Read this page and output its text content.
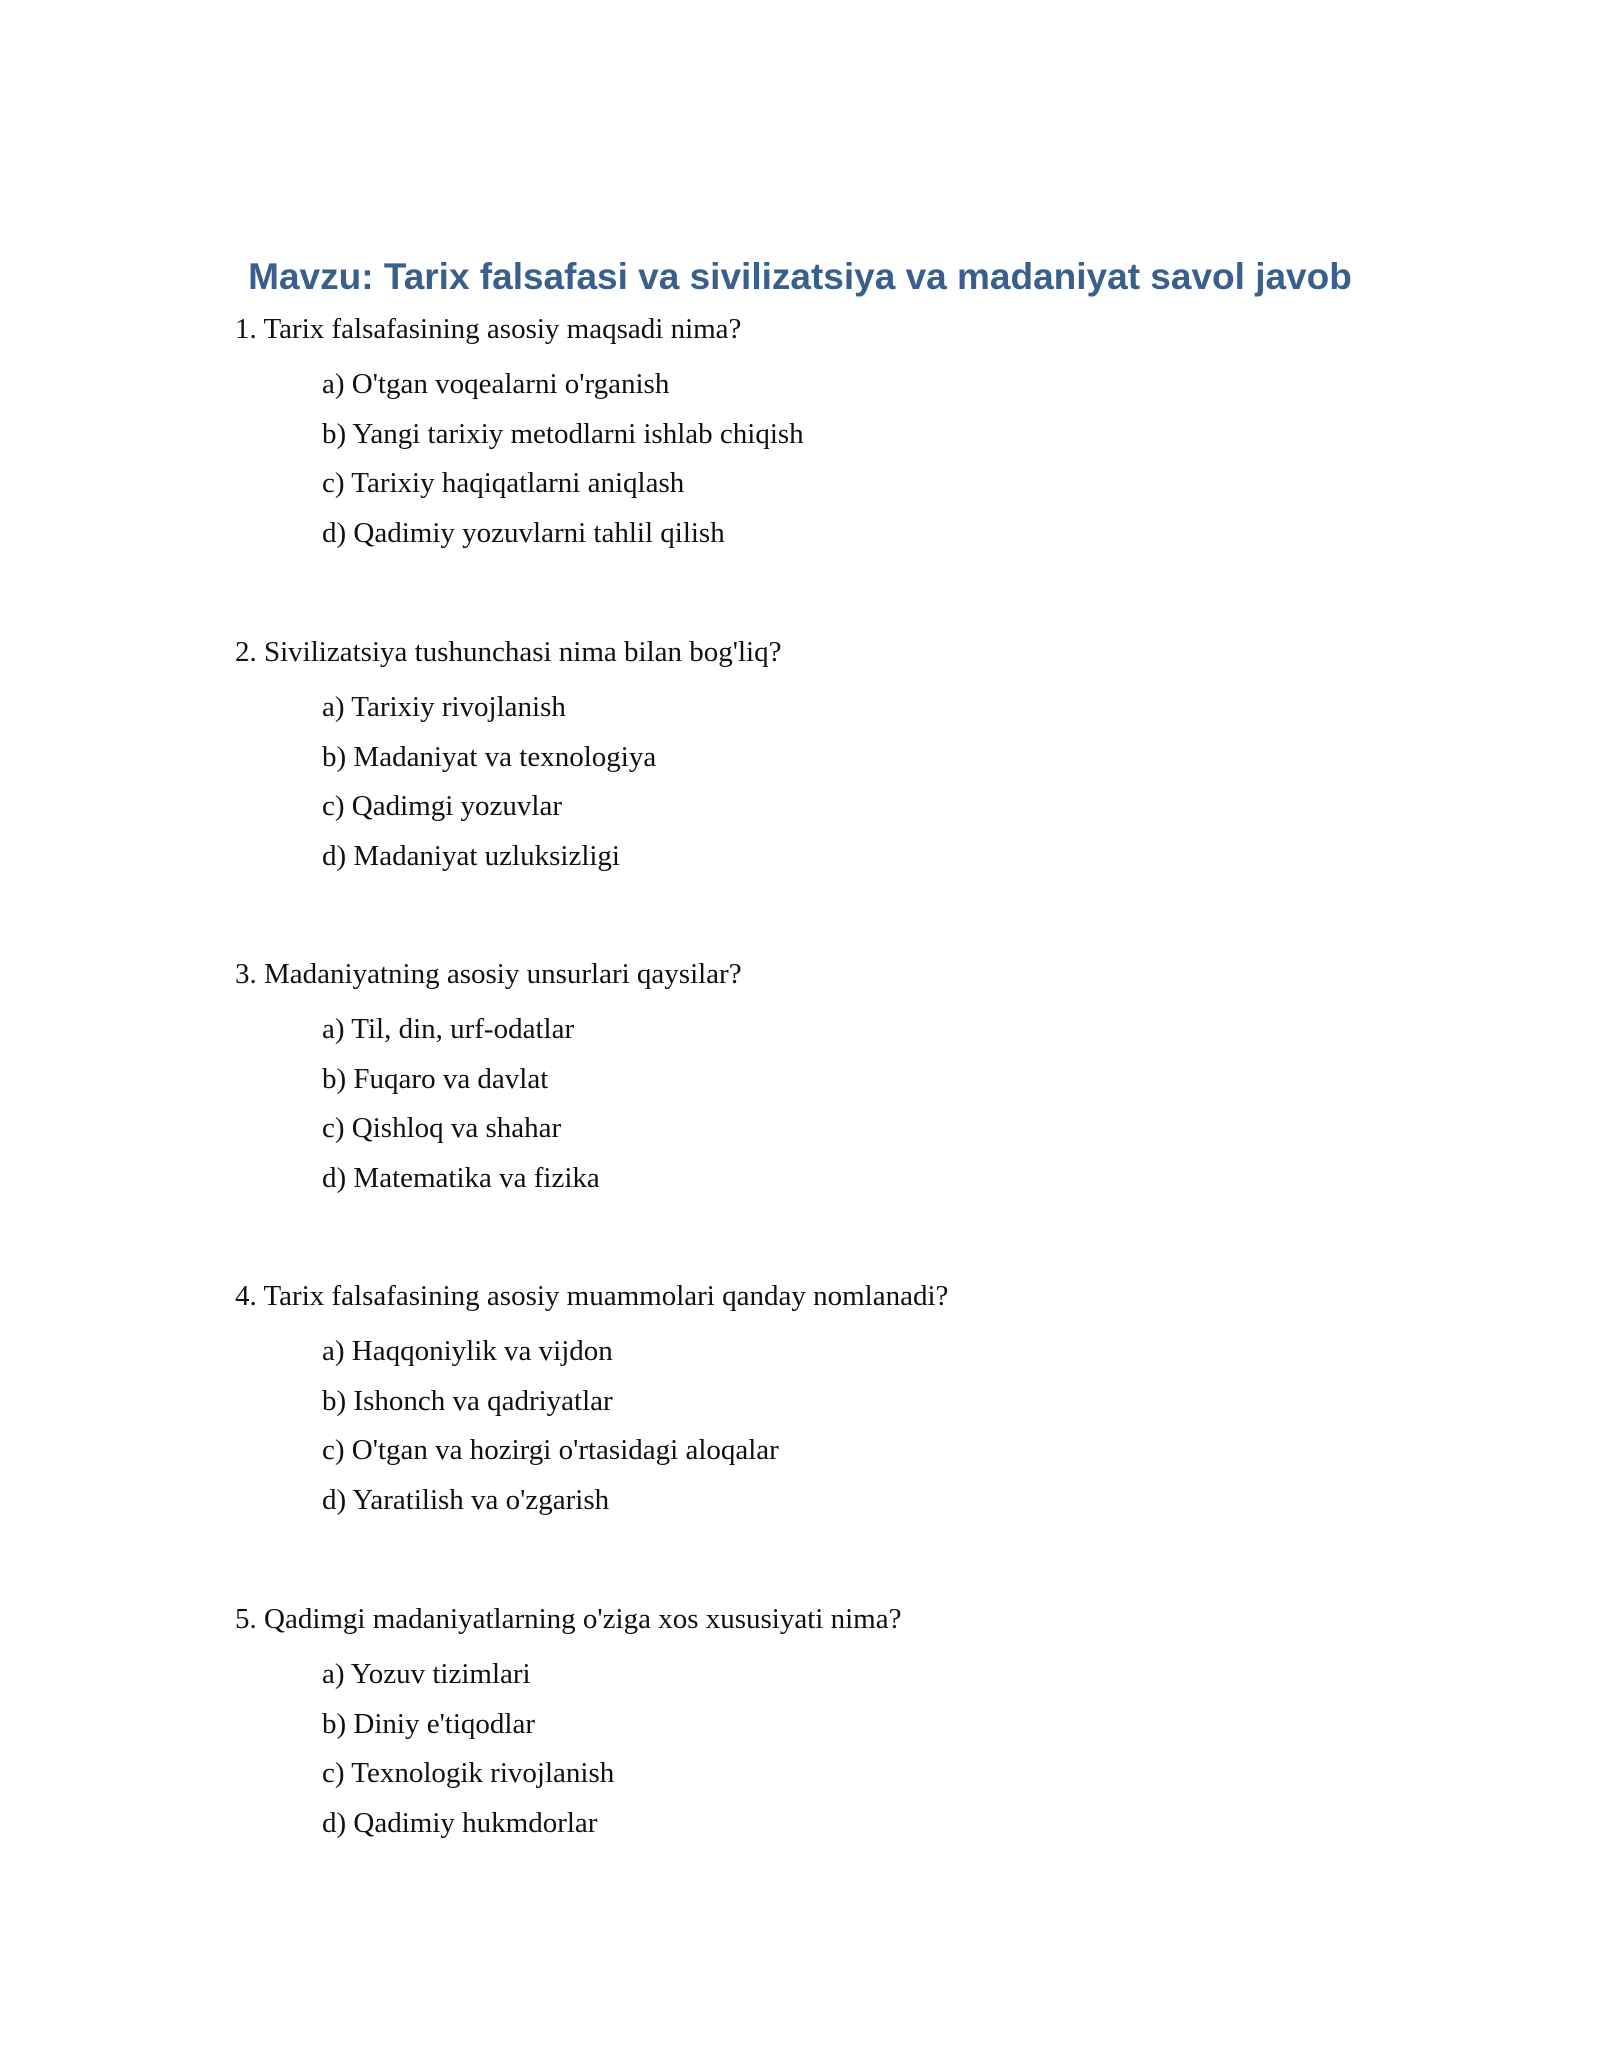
Mavzu: Tarix falsafasi va sivilizatsiya va madaniyat savol javob
1. Tarix falsafasining asosiy maqsadi nima?
a) O'tgan voqealarni o'rganish
b) Yangi tarixiy metodlarni ishlab chiqish
c) Tarixiy haqiqatlarni aniqlash
d) Qadimiy yozuvlarni tahlil qilish
2. Sivilizatsiya tushunchasi nima bilan bog'liq?
a) Tarixiy rivojlanish
b) Madaniyat va texnologiya
c) Qadimgi yozuvlar
d) Madaniyat uzluksizligi
3. Madaniyatning asosiy unsurlari qaysilar?
a) Til, din, urf-odatlar
b) Fuqaro va davlat
c) Qishloq va shahar
d) Matematika va fizika
4. Tarix falsafasining asosiy muammolari qanday nomlanadi?
a) Haqqoniylik va vijdon
b) Ishonch va qadriyatlar
c) O'tgan va hozirgi o'rtasidagi aloqalar
d) Yaratilish va o'zgarish
5. Qadimgi madaniyatlarning o'ziga xos xususiyati nima?
a) Yozuv tizimlari
b) Diniy e'tiqodlar
c) Texnologik rivojlanish
d) Qadimiy hukmdorlar
